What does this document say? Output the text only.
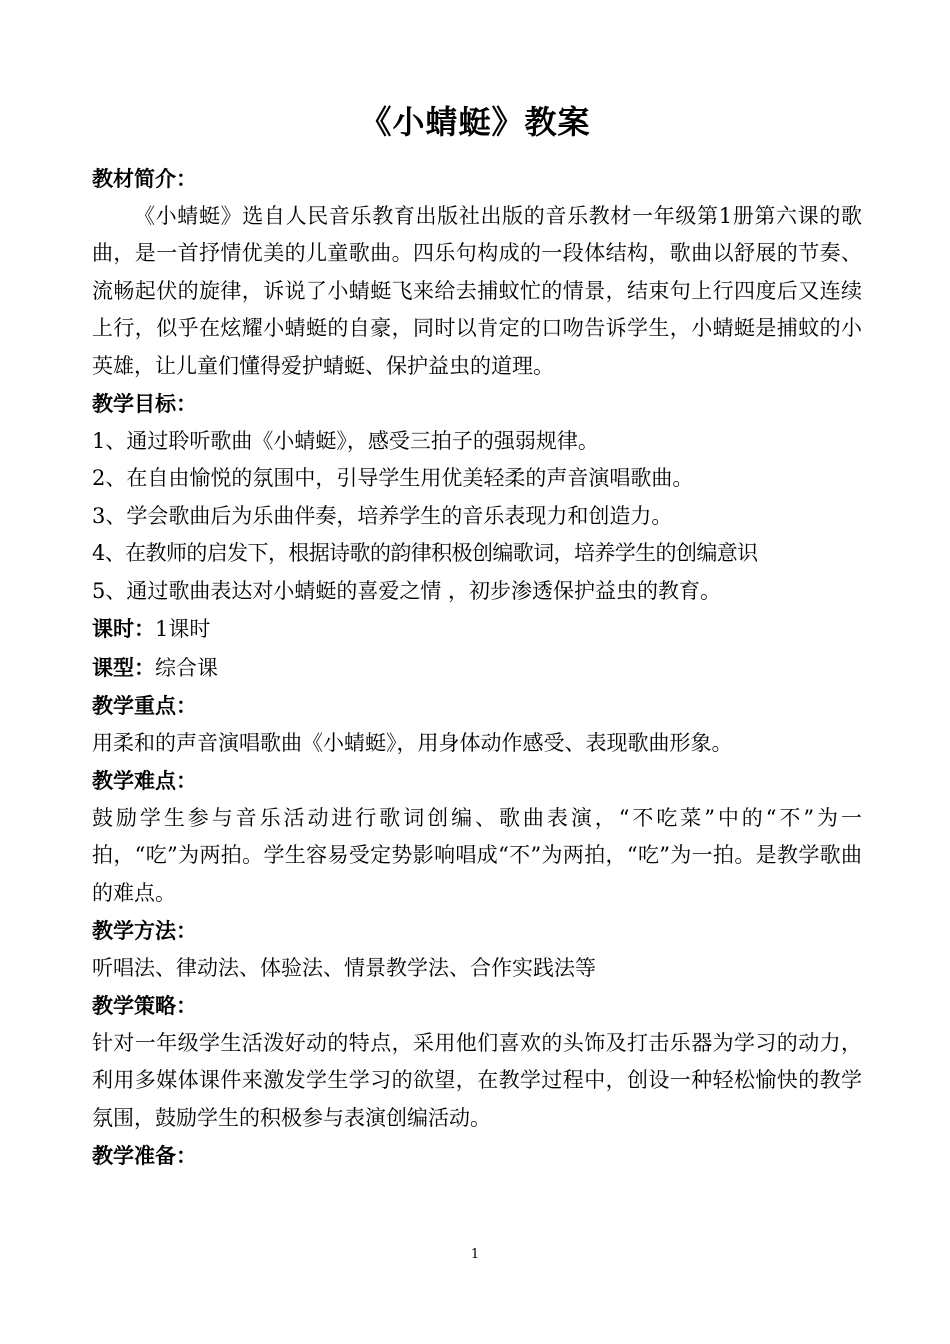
《小蜻蜓》教案

教材简介：

《小蜻蜓》选自人民音乐教育出版社出版的音乐教材一年级第1册第六课的歌曲，是一首抒情优美的儿童歌曲。四乐句构成的一段体结构，歌曲以舒展的节奏、流畅起伏的旋律，诉说了小蜻蜓飞来给去捕蚊忙的情景，结束句上行四度后又连续上行，似乎在炫耀小蜻蜓的自豪，同时以肯定的口吻告诉学生，小蜻蜓是捕蚊的小英雄，让儿童们懂得爱护蜻蜓、保护益虫的道理。

教学目标：

1、通过聆听歌曲《小蜻蜓》，感受三拍子的强弱规律。

2、在自由愉悦的氛围中，引导学生用优美轻柔的声音演唱歌曲。

3、学会歌曲后为乐曲伴奏，培养学生的音乐表现力和创造力。

4、在教师的启发下，根据诗歌的韵律积极创编歌词，培养学生的创编意识

5、通过歌曲表达对小蜻蜓的喜爱之情 ，初步渗透保护益虫的教育。

课时：1课时

课型：综合课

教学重点：

用柔和的声音演唱歌曲《小蜻蜓》，用身体动作感受、表现歌曲形象。

教学难点：

鼓励学生参与音乐活动进行歌词创编、歌曲表演，“不吃菜”中的“不”为一拍，“吃”为两拍。学生容易受定势影响唱成“不”为两拍，“吃”为一拍。是教学歌曲的难点。

教学方法：

听唱法、律动法、体验法、情景教学法、合作实践法等

教学策略：

针对一年级学生活泼好动的特点，采用他们喜欢的头饰及打击乐器为学习的动力，利用多媒体课件来激发学生学习的欲望，在教学过程中，创设一种轻松愉快的教学氛围，鼓励学生的积极参与表演创编活动。

教学准备：

1
